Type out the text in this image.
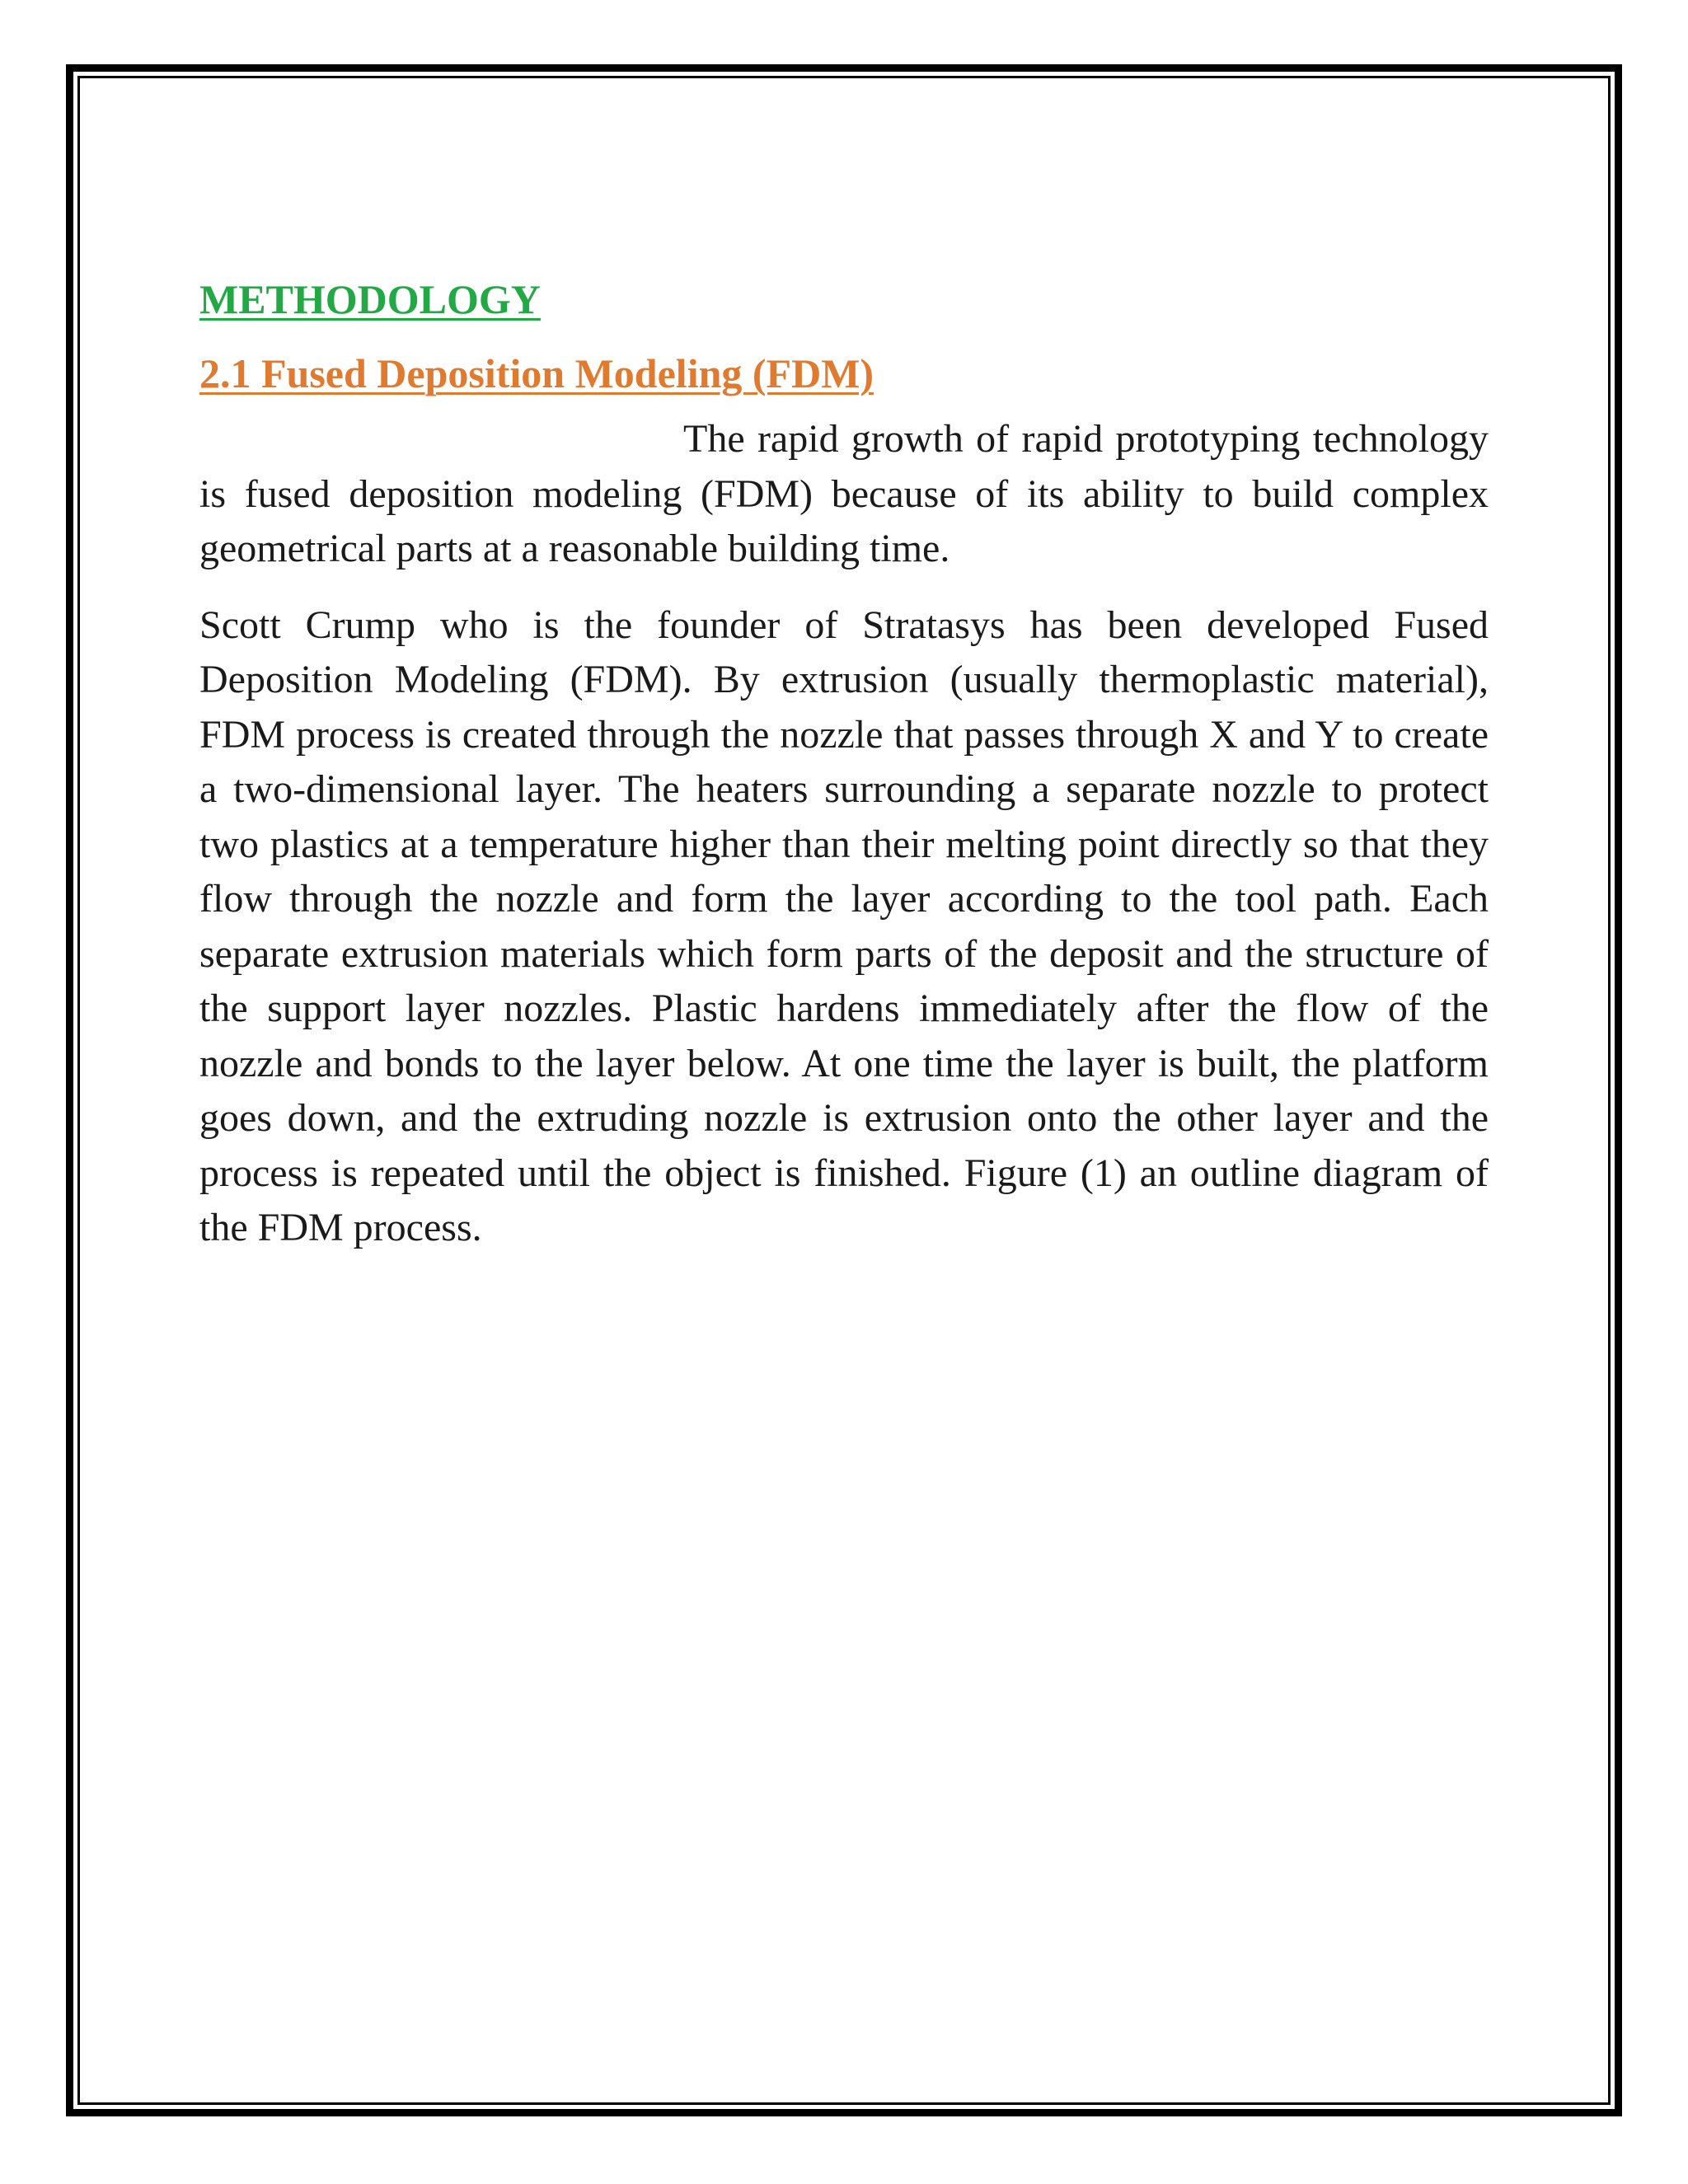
METHODOLOGY
2.1 Fused Deposition Modeling (FDM)

The rapid growth of rapid prototyping technology is fused deposition modeling (FDM) because of its ability to build complex geometrical parts at a reasonable building time.

Scott Crump who is the founder of Stratasys has been developed Fused Deposition Modeling (FDM). By extrusion (usually thermoplastic material), FDM process is created through the nozzle that passes through X and Y to create a two-dimensional layer. The heaters surrounding a separate nozzle to protect two plastics at a temperature higher than their melting point directly so that they flow through the nozzle and form the layer according to the tool path. Each separate extrusion materials which form parts of the deposit and the structure of the support layer nozzles. Plastic hardens immediately after the flow of the nozzle and bonds to the layer below. At one time the layer is built, the platform goes down, and the extruding nozzle is extrusion onto the other layer and the process is repeated until the object is finished. Figure (1) an outline diagram of the FDM process.
